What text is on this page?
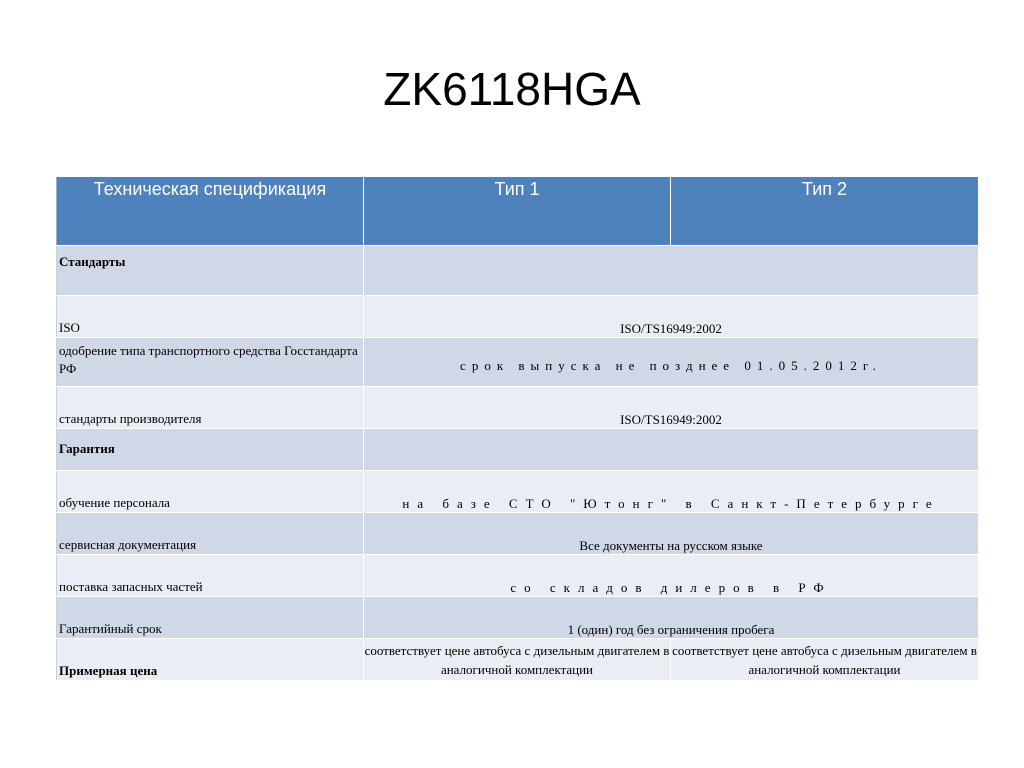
ZK6118HGA
Техническая спецификация	Тип 1	Тип 2
Стандарты		
ISO	ISO/TS16949:2002	
одобрение типа транспортного средства Госстандарта РФ	срок выпуска не позднее 01.05.2012г.	
стандарты производителя	ISO/TS16949:2002	
Гарантия		
обучение персонала	на базе СТО "Ютонг" в Санкт-Петербурге	
сервисная документация	Все документы на русском языке	
поставка запасных частей	со складов дилеров в РФ	
Гарантийный срок	1 (один) год без ограничения пробега	
Примерная цена	соответствует цене автобуса с дизельным двигателем в аналогичной комплектации	соответствует цене автобуса с дизельным двигателем в аналогичной комплектации
